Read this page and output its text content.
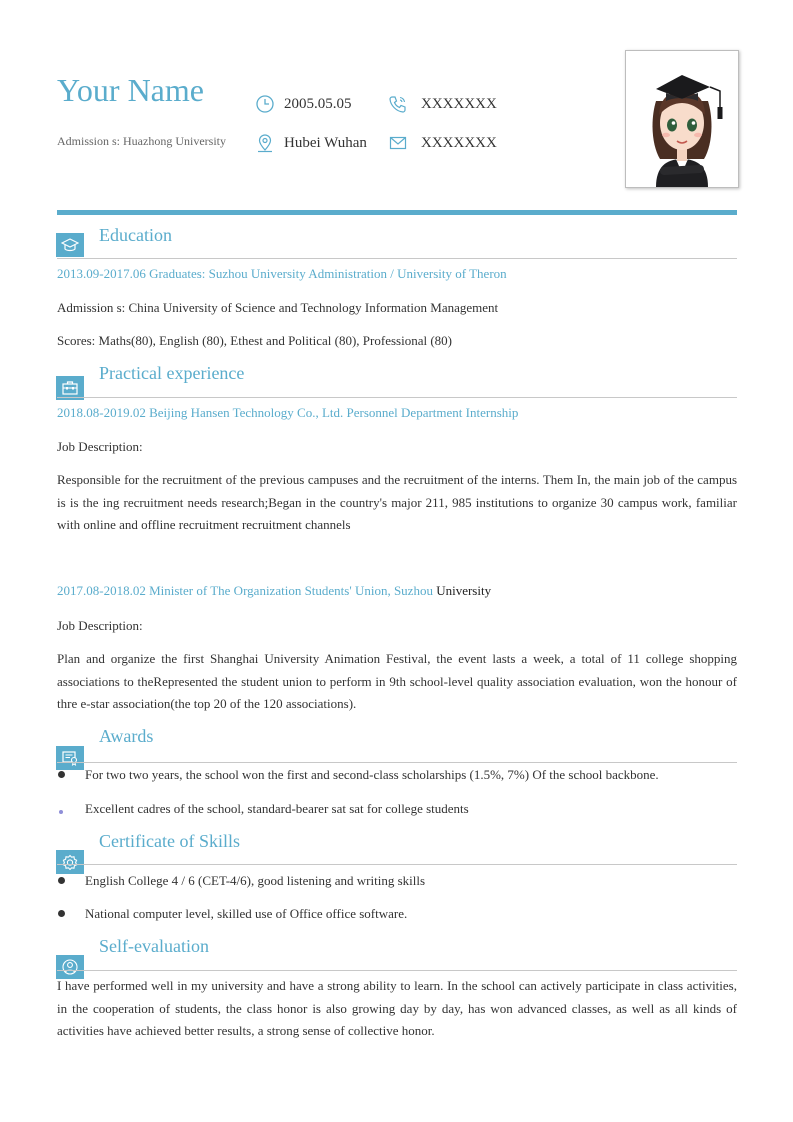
Your Name
Admission s: Huazhong University
2005.05.05	XXXXXXX
Hubei Wuhan	XXXXXXX
Education
2013.09-2017.06 Graduates: Suzhou University Administration / University of Theron
Admission s: China University of Science and Technology Information Management
Scores: Maths(80), English (80), Ethest and Political (80), Professional (80)
Practical experience
2018.08-2019.02 Beijing Hansen Technology Co., Ltd. Personnel Department Internship
Job Description:
Responsible for the recruitment of the previous campuses and the recruitment of the interns. Them In, the main job of the campus is is the ing recruitment needs research;Began in the country's major 211, 985 institutions to organize 30 campus work, familiar with online and offline recruitment recruitment channels
2017.08-2018.02 Minister of The Organization Students' Union, Suzhou University
Job Description:
Plan and organize the first Shanghai University Animation Festival, the event lasts a week, a total of 11 college shopping associations to theRepresented the student union to perform in 9th school-level quality association evaluation, won the honour of thre e-star association(the top 20 of the 120 associations).
Awards
For two two years, the school won the first and second-class scholarships (1.5%, 7%) Of the school backbone.
Excellent cadres of the school, standard-bearer sat sat for college students
Certificate of Skills
English College 4 / 6 (CET-4/6), good listening and writing skills
National computer level, skilled use of Office office software.
Self-evaluation
I have performed well in my university and have a strong ability to learn. In the school can actively participate in class activities, in the cooperation of students, the class honor is also growing day by day, has won advanced classes, as well as all kinds of activities have achieved better results, a strong sense of collective honor.
